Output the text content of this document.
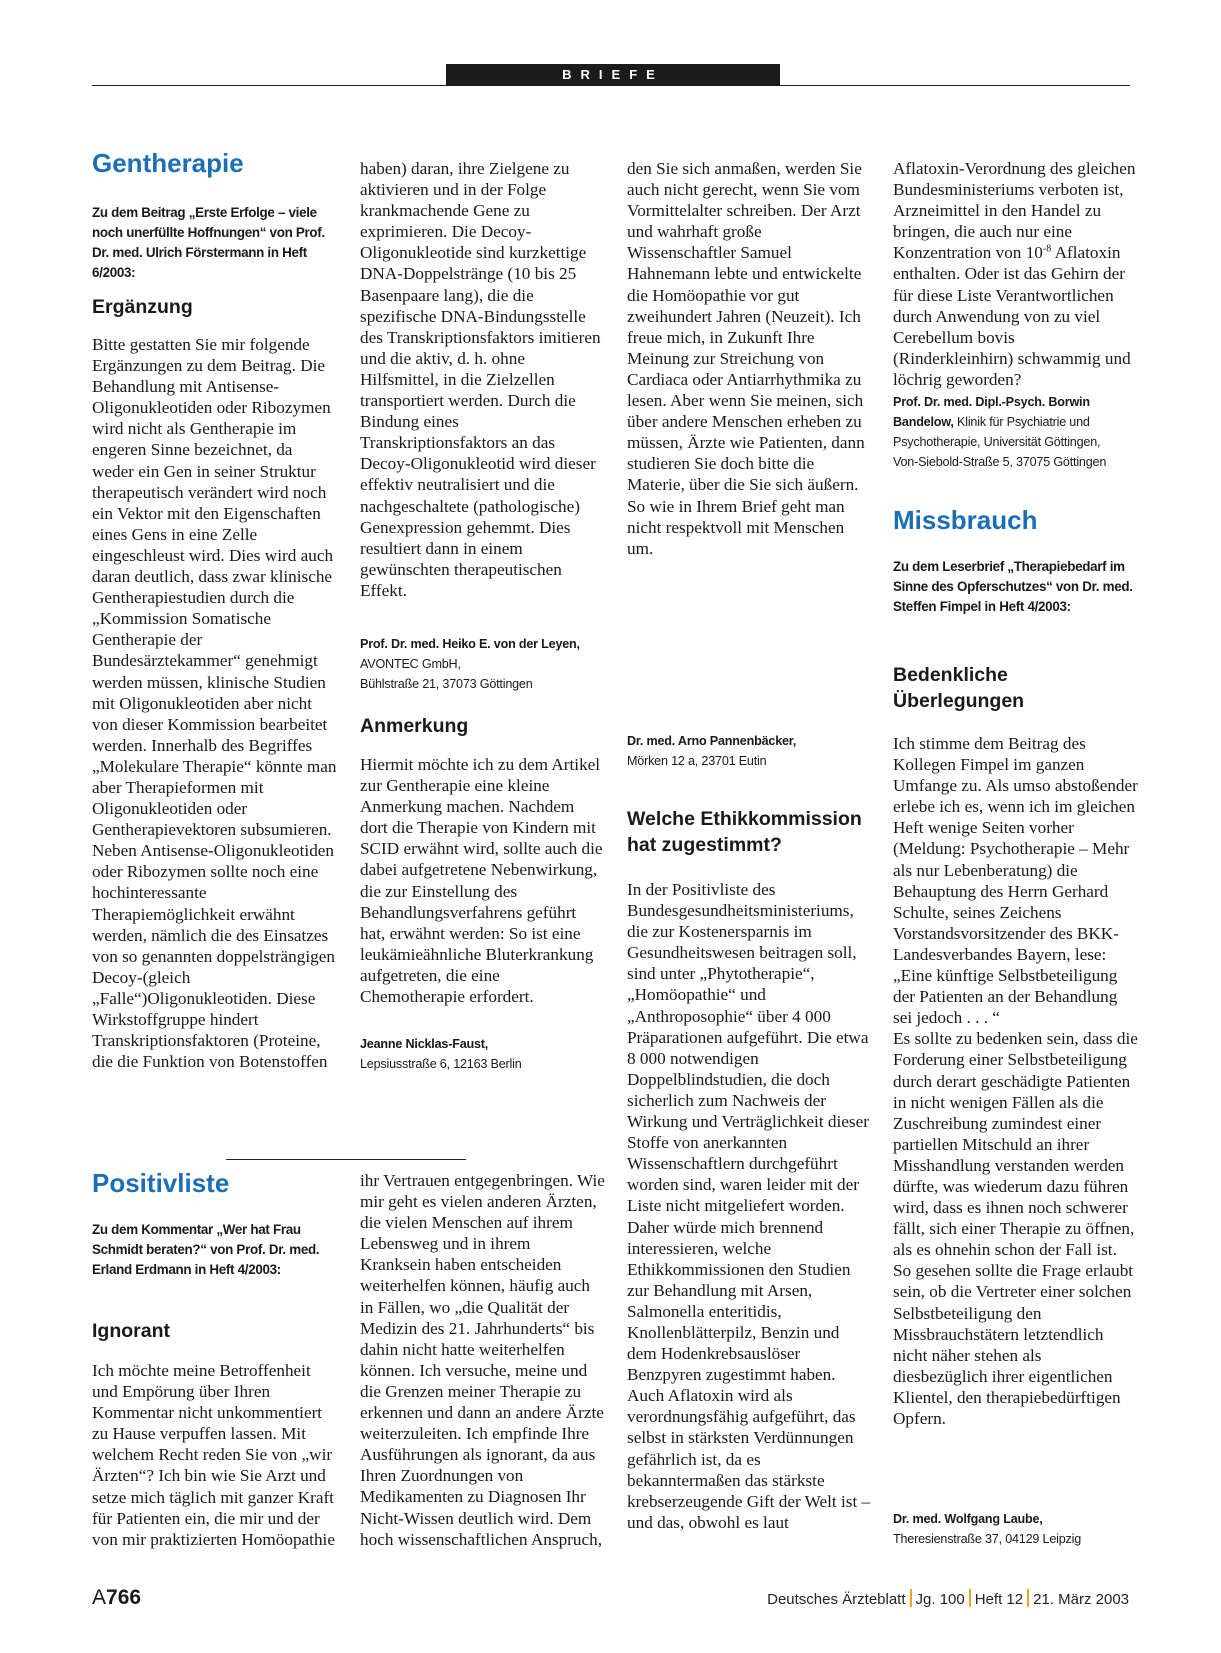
BRIEFE
Gentherapie
Zu dem Beitrag „Erste Erfolge – viele noch unerfüllte Hoffnungen“ von Prof. Dr. med. Ulrich Förstermann in Heft 6/2003:
Ergänzung

Bitte gestatten Sie mir folgende Ergänzungen zu dem Beitrag. Die Behandlung mit Antisense-Oligonukleotiden oder Ribozymen wird nicht als Gentherapie im engeren Sinne bezeichnet, da weder ein Gen in seiner Struktur therapeutisch verändert wird noch ein Vektor mit den Eigenschaften eines Gens in eine Zelle eingeschleust wird. Dies wird auch daran deutlich, dass zwar klinische Gentherapiestudien durch die „Kommission Somatische Gentherapie der Bundesärztekammer“ genehmigt werden müssen, klinische Studien mit Oligonukleotiden aber nicht von dieser Kommission bearbeitet werden. Innerhalb des Begriffes „Molekulare Therapie“ könnte man aber Therapieformen mit Oligonukleotiden oder Gentherapievektoren subsumieren. Neben Antisense-Oligonukleotiden oder Ribozymen sollte noch eine hochinteressante Therapiemöglichkeit erwähnt werden, nämlich die des Einsatzes von so genannten doppelsträngigen Decoy-(gleich „Falle“)Oligonukleotiden. Diese Wirkstoffgruppe hindert Transkriptionsfaktoren (Proteine, die die Funktion von Botenstoffen

haben) daran, ihre Zielgene zu aktivieren und in der Folge krankmachende Gene zu exprimieren. Die Decoy-Oligonukleotide sind kurzkettige DNA-Doppelstränge (10 bis 25 Basenpaare lang), die die spezifische DNA-Bindungsstelle des Transkriptionsfaktors imitieren und die aktiv, d. h. ohne Hilfsmittel, in die Zielzellen transportiert werden. Durch die Bindung eines Transkriptionsfaktors an das Decoy-Oligonukleotid wird dieser effektiv neutralisiert und die nachgeschaltete (pathologische) Genexpression gehemmt. Dies resultiert dann in einem gewünschten therapeutischen Effekt.
Prof. Dr. med. Heiko E. von der Leyen, AVONTEC GmbH,
Bühlstraße 21, 37073 Göttingen
Anmerkung

Hiermit möchte ich zu dem Artikel zur Gentherapie eine kleine Anmerkung machen. Nachdem dort die Therapie von Kindern mit SCID erwähnt wird, sollte auch die dabei aufgetretene Nebenwirkung, die zur Einstellung des Behandlungsverfahrens geführt hat, erwähnt werden: So ist eine leukämieähnliche Bluterkrankung aufgetreten, die eine Chemotherapie erfordert.

Jeanne Nicklas-Faust,
Lepsiusstraße 6, 12163 Berlin
Positivliste
Zu dem Kommentar „Wer hat Frau Schmidt beraten?“ von Prof. Dr. med. Erland Erdmann in Heft 4/2003:
Ignorant
Ich möchte meine Betroffenheit und Empörung über Ihren Kommentar nicht unkommentiert zu Hause verpuffen lassen. Mit welchem Recht reden Sie von „wir Ärzten“? Ich bin wie Sie Arzt und setze mich täglich mit ganzer Kraft für Patienten ein, die mir und der von mir praktizierten Homöopathie
ihr Vertrauen entgegenbringen. Wie mir geht es vielen anderen Ärzten, die vielen Menschen auf ihrem Lebensweg und in ihrem Kranksein haben entscheiden weiterhelfen können, häufig auch in Fällen, wo „die Qualität der Medizin des 21. Jahrhunderts“ bis dahin nicht hatte weiterhelfen können. Ich versuche, meine und die Grenzen meiner Therapie zu erkennen und dann an andere Ärzte weiterzuleiten. Ich empfinde Ihre Ausführungen als ignorant, da aus Ihren Zuordnungen von Medikamenten zu Diagnosen Ihr Nicht-Wissen deutlich wird. Dem hoch wissenschaftlichen Anspruch,
den Sie sich anmaßen, werden Sie auch nicht gerecht, wenn Sie vom Vormittelalter schreiben. Der Arzt und wahrhaft große Wissenschaftler Samuel Hahnemann lebte und entwickelte die Homöopathie vor gut zweihundert Jahren (Neuzeit). Ich freue mich, in Zukunft Ihre Meinung zur Streichung von Cardiaca oder Antiarrhythmika zu lesen. Aber wenn Sie meinen, sich über andere Menschen erheben zu müssen, Ärzte wie Patienten, dann studieren Sie doch bitte die Materie, über die Sie sich äußern. So wie in Ihrem Brief geht man nicht respektvoll mit Menschen um.
Dr. med. Arno Pannenbäcker,
Mörken 12 a, 23701 Eutin
Welche Ethikkommission hat zugestimmt?
In der Positivliste des Bundesgesundheitsministeriums, die zur Kostenersparnis im Gesundheitswesen beitragen soll, sind unter „Phytotherapie“, „Homöopathie“ und „Anthroposophie“ über 4 000 Präparationen aufgeführt. Die etwa 8 000 notwendigen Doppelblindstudien, die doch sicherlich zum Nachweis der Wirkung und Verträglichkeit dieser Stoffe von anerkannten Wissenschaftlern durchgeführt worden sind, waren leider mit der Liste nicht mitgeliefert worden. Daher würde mich brennend interessieren, welche Ethikkommissionen den Studien zur Behandlung mit Arsen, Salmonella enteritidis, Knollenblätterpilz, Benzin und dem Hodenkrebsauslöser Benzpyren zugestimmt haben. Auch Aflatoxin wird als verordnungsfähig aufgeführt, das selbst in stärksten Verdünnungen gefährlich ist, da es bekanntermaßen das stärkste krebserzeugende Gift der Welt ist – und das, obwohl es laut
Aflatoxin-Verordnung des gleichen Bundesministeriums verboten ist, Arzneimittel in den Handel zu bringen, die auch nur eine Konzentration von $10^{-8}$ Aflatoxin enthalten. Oder ist das Gehirn der für diese Liste Verantwortlichen durch Anwendung von zu viel Cerebellum bovis (Rinderkleinhirn) schwammig und löchrig geworden?
Prof. Dr. med. Dipl.-Psych. Borwin Bandelow, Klinik für Psychiatrie und Psychotherapie, Universität Göttingen,
Von-Siebold-Straße 5, 37075 Göttingen
Missbrauch
Zu dem Leserbrief „Therapiebedarf im Sinne des Opferschutzes“ von Dr. med. Steffen Fimpel in Heft 4/2003:
Bedenkliche Überlegungen

Ich stimme dem Beitrag des Kollegen Fimpel im ganzen Umfange zu. Als umso abstoßender erlebe ich es, wenn ich im gleichen Heft wenige Seiten vorher (Meldung: Psychotherapie – Mehr als nur Lebenberatung) die Behauptung des Herrn Gerhard Schulte, seines Zeichens Vorstandsvorsitzender des BKK-Landesverbandes Bayern, lese: „Eine künftige Selbstbeteiligung der Patienten an der Behandlung sei jedoch . . . “

Es sollte zu bedenken sein, dass die Forderung einer Selbstbeteiligung durch derart geschädigte Patienten in nicht wenigen Fällen als die Zuschreibung zumindest einer partiellen Mitschuld an ihrer Misshandlung verstanden werden dürfte, was wiederum dazu führen wird, dass es ihnen noch schwerer fällt, sich einer Therapie zu öffnen, als es ohnehin schon der Fall ist. So gesehen sollte die Frage erlaubt sein, ob die Vertreter einer solchen Selbstbeteiligung den Missbrauchstätern letztendlich nicht näher stehen als diesbezüglich ihrer eigentlichen Klientel, den therapiebedürftigen Opfern.

Dr. med. Wolfgang Laube,
Theresienstraße 37, 04129 Leipzig
A766	Deutsches Ärzteblatt Jg. 100 Heft 12 21. März 2003
